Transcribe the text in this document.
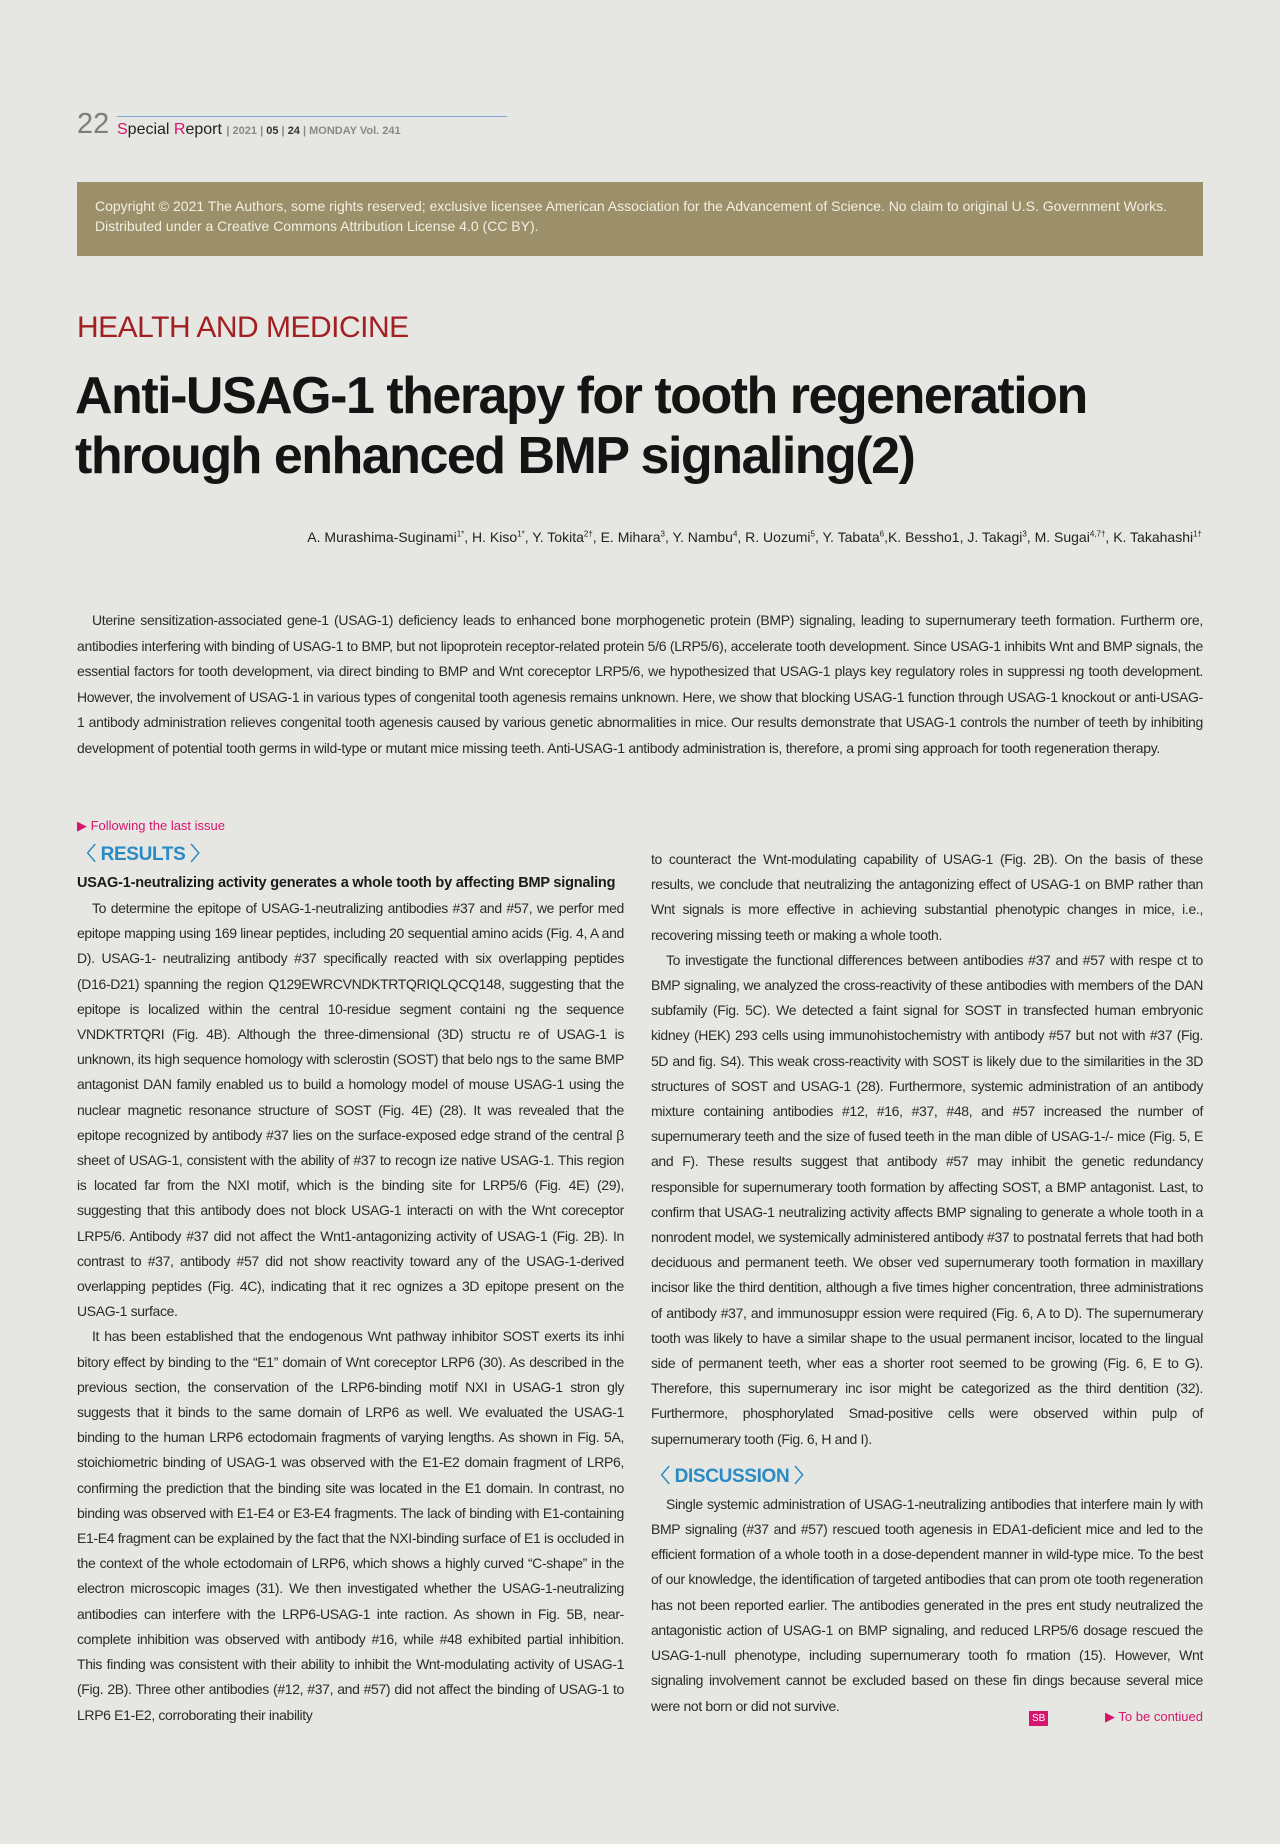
22 Special Report | 2021 | 05 | 24 | MONDAY Vol. 241
Copyright © 2021 The Authors, some rights reserved; exclusive licensee American Association for the Advancement of Science. No claim to original U.S. Government Works. Distributed under a Creative Commons Attribution License 4.0 (CC BY).
HEALTH AND MEDICINE
Anti-USAG-1 therapy for tooth regeneration through enhanced BMP signaling(2)
A. Murashima-Suginami$^{1*}$, H. Kiso$^{1*}$, Y. Tokita$^{2\dagger}$, E. Mihara$^3$, Y. Nambu$^4$, R. Uozumi$^5$, Y. Tabata$^6$,K. Bessho1, J. Takagi$^3$, M. Sugai$^{4,7\dagger}$, K. Takahashi$^{1\dagger}$

Uterine sensitization-associated gene-1 (USAG-1) deficiency leads to enhanced bone morphogenetic protein (BMP) signaling, leading to supernumerary teeth formation. Furtherm ore, antibodies interfering with binding of USAG-1 to BMP, but not lipoprotein receptor-related protein 5/6 (LRP5/6), accelerate tooth development. Since USAG-1 inhibits Wnt and BMP signals, the essential factors for tooth development, via direct binding to BMP and Wnt coreceptor LRP5/6, we hypothesized that USAG-1 plays key regulatory roles in suppressi ng tooth development. However, the involvement of USAG-1 in various types of congenital tooth agenesis remains unknown. Here, we show that blocking USAG-1 function through USAG-1 knockout or anti-USAG-1 antibody administration relieves congenital tooth agenesis caused by various genetic abnormalities in mice. Our results demonstrate that USAG-1 controls the number of teeth by inhibiting development of potential tooth germs in wild-type or mutant mice missing teeth. Anti-USAG-1 antibody administration is, therefore, a promi sing approach for tooth regeneration therapy.

▶ Following the last issue

〈 RESULTS 〉

USAG-1-neutralizing activity generates a whole tooth by affecting BMP signaling

To determine the epitope of USAG-1-neutralizing antibodies #37 and #57, we perfor med epitope mapping using 169 linear peptides, including 20 sequential amino acids (Fig. 4, A and D). USAG-1- neutralizing antibody #37 specifically reacted with six overlapping peptides (D16-D21) spanning the region Q129EWRCVNDKTRTQRIQLQCQ148, suggesting that the epitope is localized within the central 10-residue segment containi ng the sequence VNDKTRTQRI (Fig. 4B). Although the three-dimensional (3D) structu re of USAG-1 is unknown, its high sequence homology with sclerostin (SOST) that belo ngs to the same BMP antagonist DAN family enabled us to build a homology model of mouse USAG-1 using the nuclear magnetic resonance structure of SOST (Fig. 4E) (28). It was revealed that the epitope recognized by antibody #37 lies on the surface-exposed edge strand of the central β sheet of USAG-1, consistent with the ability of #37 to recogn ize native USAG-1. This region is located far from the NXI motif, which is the binding site for LRP5/6 (Fig. 4E) (29), suggesting that this antibody does not block USAG-1 interacti on with the Wnt coreceptor LRP5/6. Antibody #37 did not affect the Wnt1-antagonizing activity of USAG-1 (Fig. 2B). In contrast to #37, antibody #57 did not show reactivity toward any of the USAG-1-derived overlapping peptides (Fig. 4C), indicating that it rec ognizes a 3D epitope present on the USAG-1 surface.

It has been established that the endogenous Wnt pathway inhibitor SOST exerts its inhi bitory effect by binding to the “E1” domain of Wnt coreceptor LRP6 (30). As described in the previous section, the conservation of the LRP6-binding motif NXI in USAG-1 stron gly suggests that it binds to the same domain of LRP6 as well. We evaluated the USAG-1 binding to the human LRP6 ectodomain fragments of varying lengths. As shown in Fig. 5A, stoichiometric binding of USAG-1 was observed with the E1-E2 domain fragment of LRP6, confirming the prediction that the binding site was located in the E1 domain. In contrast, no binding was observed with E1-E4 or E3-E4 fragments. The lack of binding with E1-containing E1-E4 fragment can be explained by the fact that the NXI-binding surface of E1 is occluded in the context of the whole ectodomain of LRP6, which shows a highly curved “C-shape” in the electron microscopic images (31). We then investigated whether the USAG-1-neutralizing antibodies can interfere with the LRP6-USAG-1 inte raction. As shown in Fig. 5B, near-complete inhibition was observed with antibody #16, while #48 exhibited partial inhibition. This finding was consistent with their ability to inhibit the Wnt-modulating activity of USAG-1 (Fig. 2B). Three other antibodies (#12, #37, and #57) did not affect the binding of USAG-1 to LRP6 E1-E2, corroborating their inability

to counteract the Wnt-modulating capability of USAG-1 (Fig. 2B). On the basis of these results, we conclude that neutralizing the antagonizing effect of USAG-1 on BMP rather than Wnt signals is more effective in achieving substantial phenotypic changes in mice, i.e., recovering missing teeth or making a whole tooth.

To investigate the functional differences between antibodies #37 and #57 with respe ct to BMP signaling, we analyzed the cross-reactivity of these antibodies with members of the DAN subfamily (Fig. 5C). We detected a faint signal for SOST in transfected human embryonic kidney (HEK) 293 cells using immunohistochemistry with antibody #57 but not with #37 (Fig. 5D and fig. S4). This weak cross-reactivity with SOST is likely due to the similarities in the 3D structures of SOST and USAG-1 (28). Furthermore, systemic administration of an antibody mixture containing antibodies #12, #16, #37, #48, and #57 increased the number of supernumerary teeth and the size of fused teeth in the man dible of USAG-1-/- mice (Fig. 5, E and F). These results suggest that antibody #57 may inhibit the genetic redundancy responsible for supernumerary tooth formation by affecting SOST, a BMP antagonist. Last, to confirm that USAG-1 neutralizing activity affects BMP signaling to generate a whole tooth in a nonrodent model, we systemically administered antibody #37 to postnatal ferrets that had both deciduous and permanent teeth. We obser ved supernumerary tooth formation in maxillary incisor like the third dentition, although a five times higher concentration, three administrations of antibody #37, and immunosuppr ession were required (Fig. 6, A to D). The supernumerary tooth was likely to have a similar shape to the usual permanent incisor, located to the lingual side of permanent teeth, wher eas a shorter root seemed to be growing (Fig. 6, E to G). Therefore, this supernumerary inc isor might be categorized as the third dentition (32). Furthermore, phosphorylated Smad-positive cells were observed within pulp of supernumerary tooth (Fig. 6, H and I).

〈 DISCUSSION 〉

Single systemic administration of USAG-1-neutralizing antibodies that interfere main ly with BMP signaling (#37 and #57) rescued tooth agenesis in EDA1-deficient mice and led to the efficient formation of a whole tooth in a dose-dependent manner in wild-type mice. To the best of our knowledge, the identification of targeted antibodies that can prom ote tooth regeneration has not been reported earlier. The antibodies generated in the pres ent study neutralized the antagonistic action of USAG-1 on BMP signaling, and reduced LRP5/6 dosage rescued the USAG-1-null phenotype, including supernumerary tooth fo rmation (15). However, Wnt signaling involvement cannot be excluded based on these fin dings because several mice were not born or did not survive.

SB	▶ To be contiued
